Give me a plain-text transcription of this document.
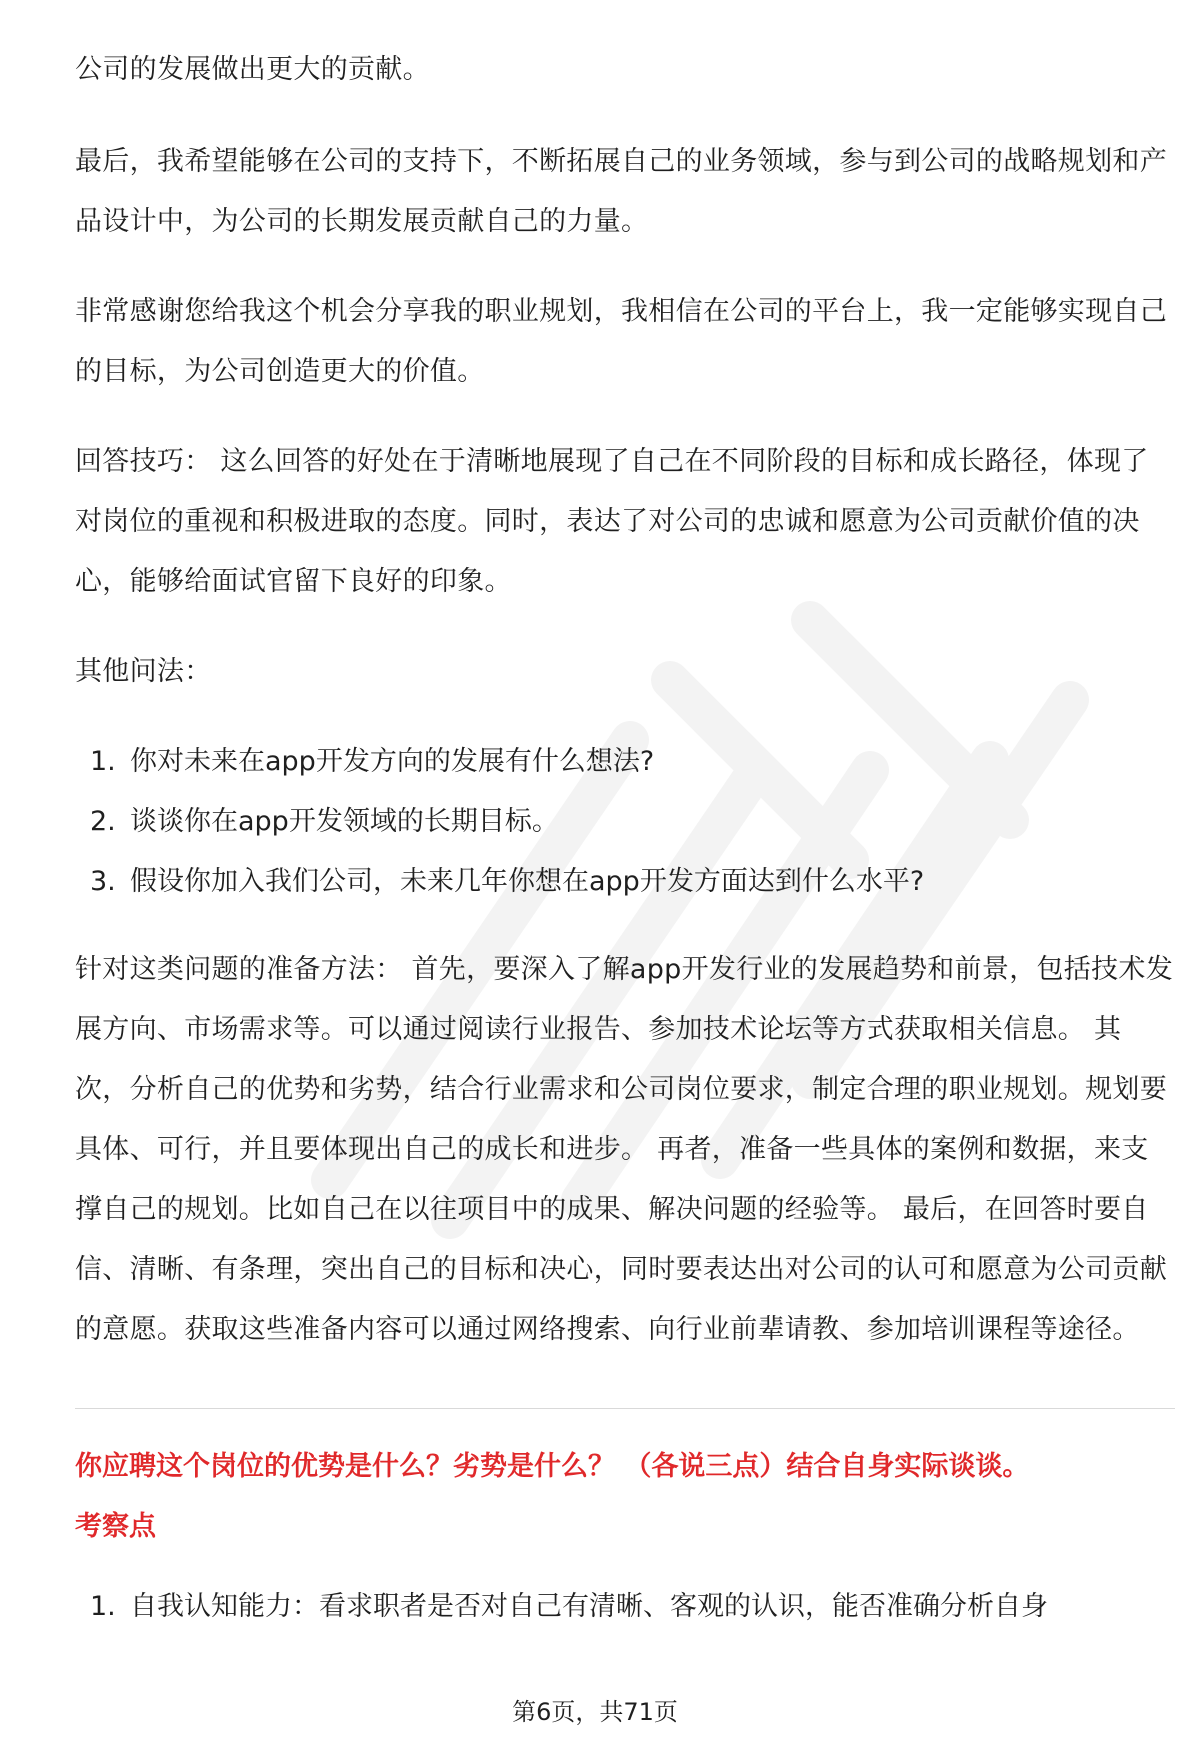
公司的发展做出更大的贡献。

最后，我希望能够在公司的支持下，不断拓展自己的业务领域，参与到公司的战略规划和产品设计中，为公司的长期发展贡献自己的力量。

非常感谢您给我这个机会分享我的职业规划，我相信在公司的平台上，我一定能够实现自己的目标，为公司创造更大的价值。

回答技巧： 这么回答的好处在于清晰地展现了自己在不同阶段的目标和成长路径，体现了对岗位的重视和积极进取的态度。同时，表达了对公司的忠诚和愿意为公司贡献价值的决心，能够给面试官留下良好的印象。

其他问法：

1. 你对未来在app开发方向的发展有什么想法?
2. 谈谈你在app开发领域的长期目标。
3. 假设你加入我们公司，未来几年你想在app开发方面达到什么水平?

针对这类问题的准备方法： 首先，要深入了解app开发行业的发展趋势和前景，包括技术发展方向、市场需求等。可以通过阅读行业报告、参加技术论坛等方式获取相关信息。 其次，分析自己的优势和劣势，结合行业需求和公司岗位要求，制定合理的职业规划。规划要具体、可行，并且要体现出自己的成长和进步。 再者，准备一些具体的案例和数据，来支撑自己的规划。比如自己在以往项目中的成果、解决问题的经验等。 最后，在回答时要自信、清晰、有条理，突出自己的目标和决心，同时要表达出对公司的认可和愿意为公司贡献的意愿。获取这些准备内容可以通过网络搜索、向行业前辈请教、参加培训课程等途径。

你应聘这个岗位的优势是什么？劣势是什么？ （各说三点）结合自身实际谈谈。

考察点

1. 自我认知能力：看求职者是否对自己有清晰、客观的认识，能否准确分析自身
第6页，共71页
